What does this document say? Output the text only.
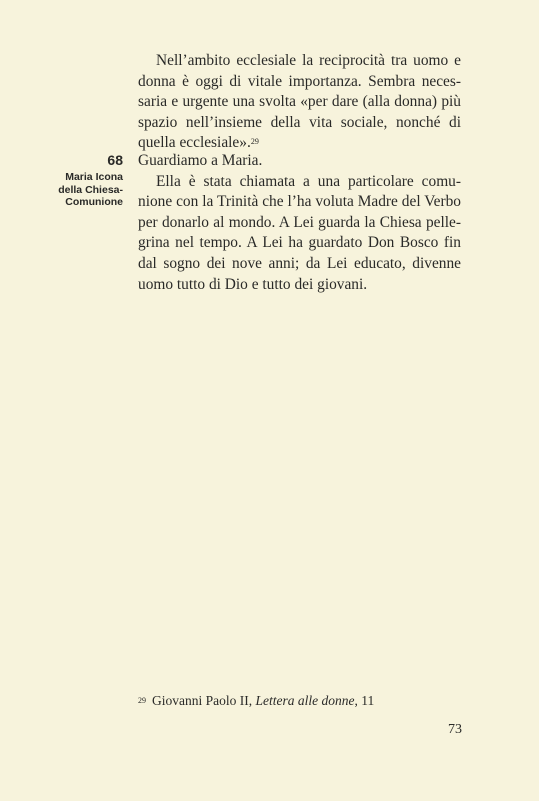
Nell’ambito ecclesiale la reciprocità tra uomo e
donna è oggi di vitale importanza. Sembra neces-
saria e urgente una svolta «per dare (alla donna) più
spazio nell’insieme della vita sociale, nonché di
quella ecclesiale».$^{29}$
68
Maria Icona
della Chiesa-
Comunione
Guardiamo a Maria.
Ella è stata chiamata a una particolare comu-
nione con la Trinità che l’ha voluta Madre del Verbo
per donarlo al mondo. A Lei guarda la Chiesa pelle-
grina nel tempo. A Lei ha guardato Don Bosco fin
dal sogno dei nove anni; da Lei educato, divenne
uomo tutto di Dio e tutto dei giovani.
$^{29}$ Giovanni Paolo II, Lettera alle donne, 11
73
